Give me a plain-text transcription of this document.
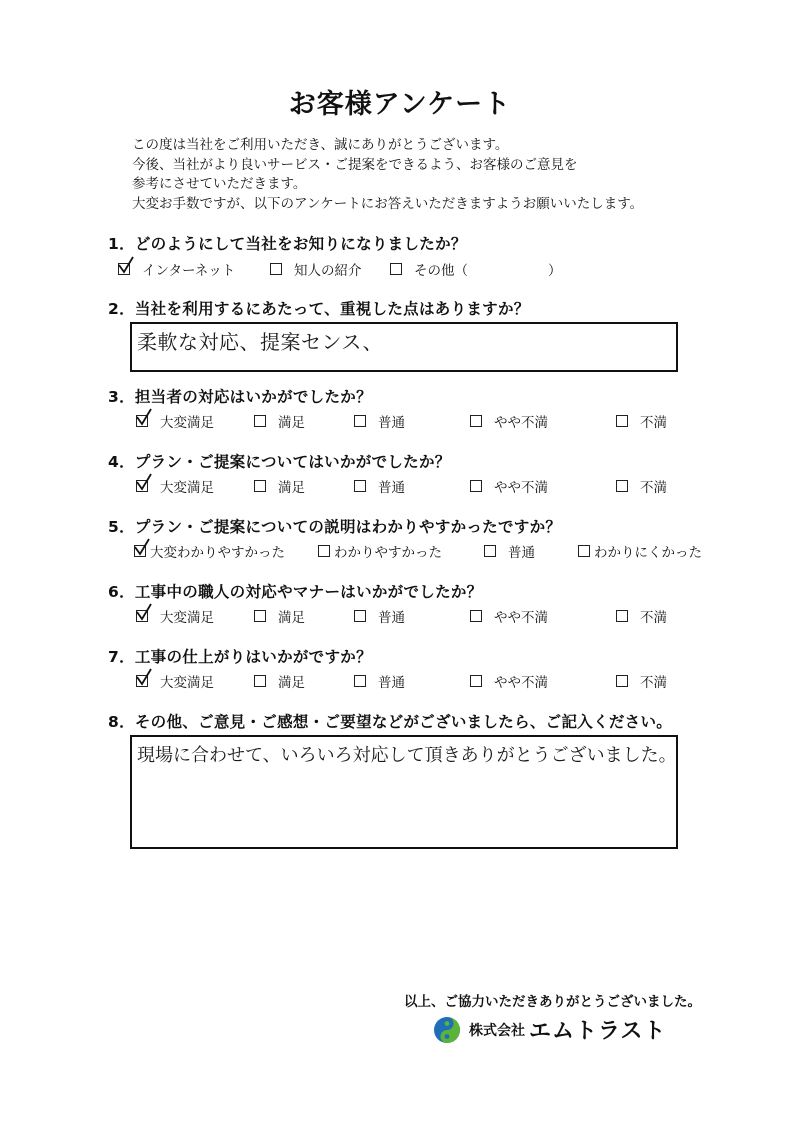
お客様アンケート
この度は当社をご利用いただき、誠にありがとうございます。
今後、当社がより良いサービス・ご提案をできるよう、お客様のご意見を
参考にさせていただきます。
大変お手数ですが、以下のアンケートにお答えいただきますようお願いいたします。
1．どのようにして当社をお知りになりましたか？
インターネット	知人の紹介	その他（	）
2．当社を利用するにあたって、重視した点はありますか？
柔軟な対応、提案センス、
3．担当者の対応はいかがでしたか？
大変満足	満足	普通	やや不満	不満
4．プラン・ご提案についてはいかがでしたか？
大変満足	満足	普通	やや不満	不満
5．プラン・ご提案についての説明はわかりやすかったですか？
大変わかりやすかった	わかりやすかった	普通	わかりにくかった
6．工事中の職人の対応やマナーはいかがでしたか？
大変満足	満足	普通	やや不満	不満
7．工事の仕上がりはいかがですか？
大変満足	満足	普通	やや不満	不満
8．その他、ご意見・ご感想・ご要望などがございましたら、ご記入ください。
現場に合わせて、いろいろ対応して頂きありがとうございました。
以上、ご協力いただきありがとうございました。
株式会社 エムトラスト
